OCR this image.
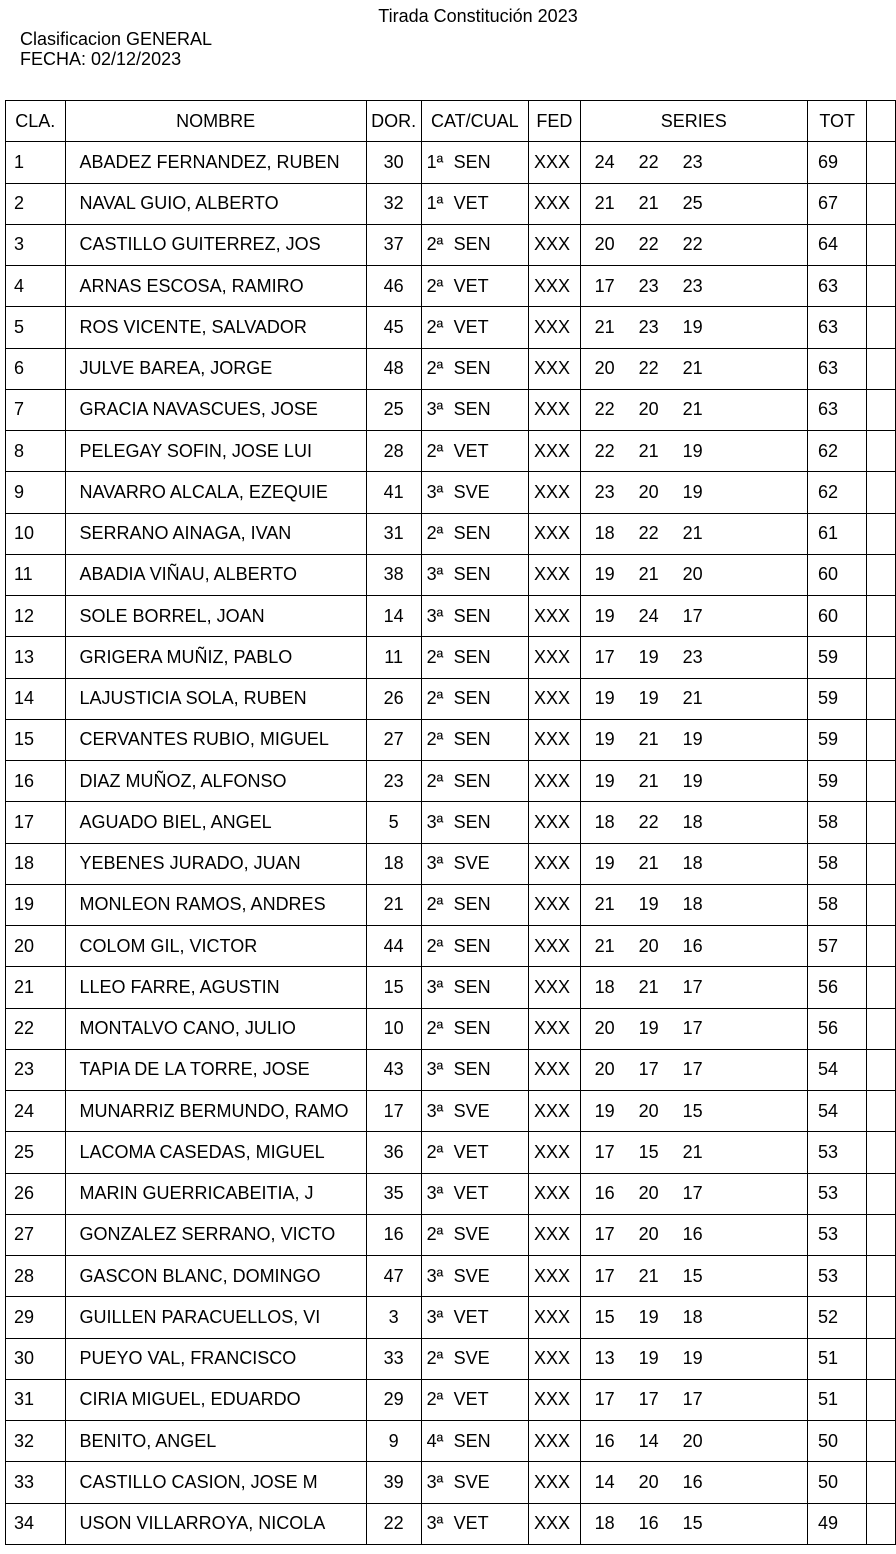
Tirada Constitución 2023
Clasificacion GENERAL
FECHA: 02/12/2023
CLA.	NOMBRE	DOR.	CAT/CUAL	FED	SERIES	TOT	
1	ABADEZ FERNANDEZ, RUBEN	30	1ª SEN	XXX	24 22 23	69	
2	NAVAL GUIO, ALBERTO	32	1ª VET	XXX	21 21 25	67	
3	CASTILLO GUITERREZ, JOS	37	2ª SEN	XXX	20 22 22	64	
4	ARNAS ESCOSA, RAMIRO	46	2ª VET	XXX	17 23 23	63	
5	ROS VICENTE, SALVADOR	45	2ª VET	XXX	21 23 19	63	
6	JULVE BAREA, JORGE	48	2ª SEN	XXX	20 22 21	63	
7	GRACIA NAVASCUES, JOSE	25	3ª SEN	XXX	22 20 21	63	
8	PELEGAY SOFIN, JOSE LUI	28	2ª VET	XXX	22 21 19	62	
9	NAVARRO ALCALA, EZEQUIE	41	3ª SVE	XXX	23 20 19	62	
10	SERRANO AINAGA, IVAN	31	2ª SEN	XXX	18 22 21	61	
11	ABADIA VIÑAU, ALBERTO	38	3ª SEN	XXX	19 21 20	60	
12	SOLE BORREL, JOAN	14	3ª SEN	XXX	19 24 17	60	
13	GRIGERA MUÑIZ, PABLO	11	2ª SEN	XXX	17 19 23	59	
14	LAJUSTICIA SOLA, RUBEN	26	2ª SEN	XXX	19 19 21	59	
15	CERVANTES RUBIO, MIGUEL	27	2ª SEN	XXX	19 21 19	59	
16	DIAZ MUÑOZ, ALFONSO	23	2ª SEN	XXX	19 21 19	59	
17	AGUADO BIEL, ANGEL	5	3ª SEN	XXX	18 22 18	58	
18	YEBENES JURADO, JUAN	18	3ª SVE	XXX	19 21 18	58	
19	MONLEON RAMOS, ANDRES	21	2ª SEN	XXX	21 19 18	58	
20	COLOM GIL, VICTOR	44	2ª SEN	XXX	21 20 16	57	
21	LLEO FARRE, AGUSTIN	15	3ª SEN	XXX	18 21 17	56	
22	MONTALVO CANO, JULIO	10	2ª SEN	XXX	20 19 17	56	
23	TAPIA DE LA TORRE, JOSE	43	3ª SEN	XXX	20 17 17	54	
24	MUNARRIZ BERMUNDO, RAMO	17	3ª SVE	XXX	19 20 15	54	
25	LACOMA CASEDAS, MIGUEL	36	2ª VET	XXX	17 15 21	53	
26	MARIN GUERRICABEITIA, J	35	3ª VET	XXX	16 20 17	53	
27	GONZALEZ SERRANO, VICTO	16	2ª SVE	XXX	17 20 16	53	
28	GASCON BLANC, DOMINGO	47	3ª SVE	XXX	17 21 15	53	
29	GUILLEN PARACUELLOS, VI	3	3ª VET	XXX	15 19 18	52	
30	PUEYO VAL, FRANCISCO	33	2ª SVE	XXX	13 19 19	51	
31	CIRIA MIGUEL, EDUARDO	29	2ª VET	XXX	17 17 17	51	
32	BENITO, ANGEL	9	4ª SEN	XXX	16 14 20	50	
33	CASTILLO CASION, JOSE M	39	3ª SVE	XXX	14 20 16	50	
34	USON VILLARROYA, NICOLA	22	3ª VET	XXX	18 16 15	49	
